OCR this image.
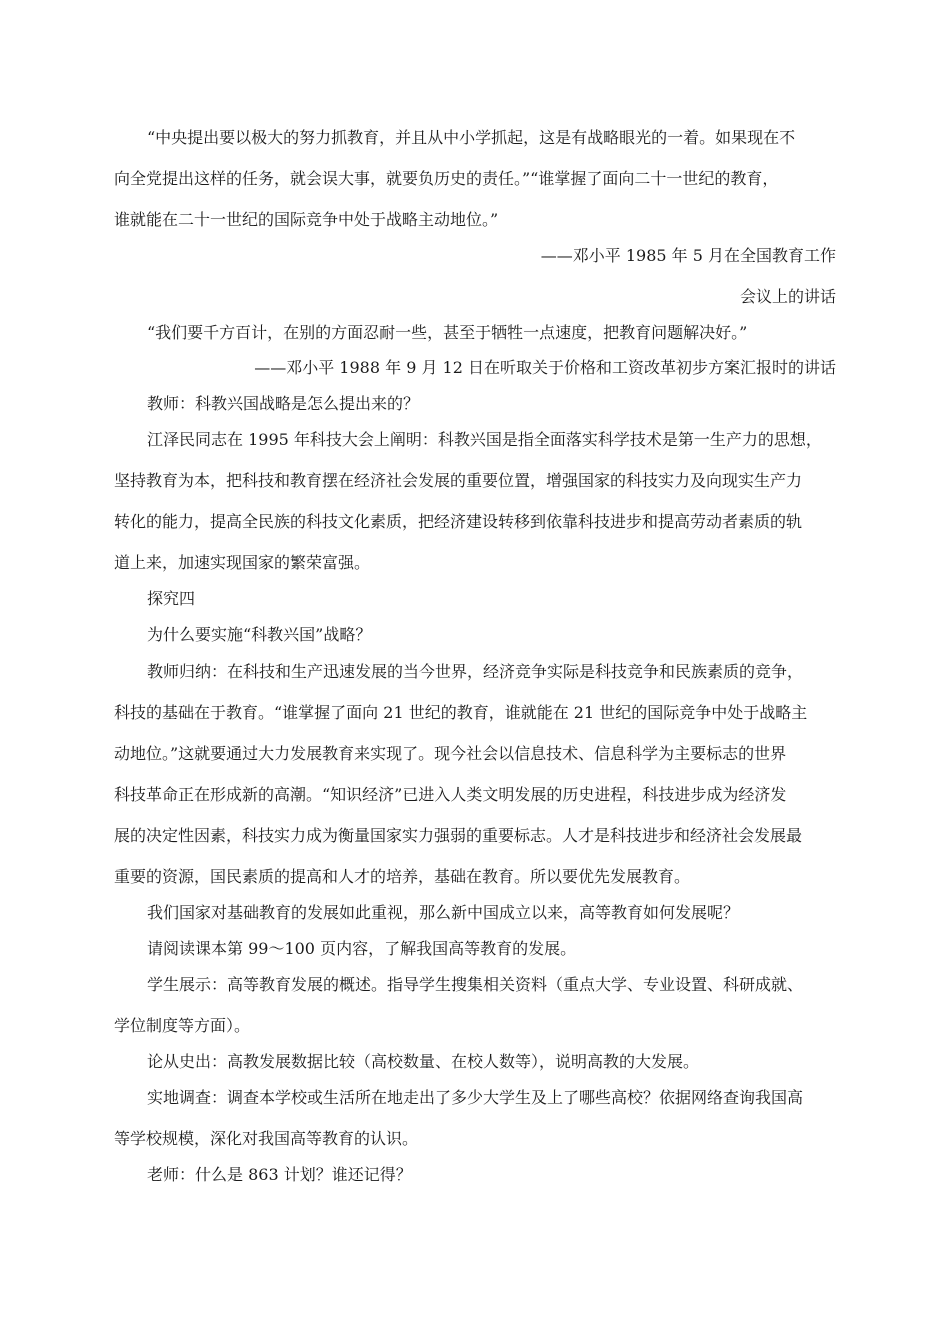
“中央提出要以极大的努力抓教育，并且从中小学抓起，这是有战略眼光的一着。如果现在不
向全党提出这样的任务，就会误大事，就要负历史的责任。”“谁掌握了面向二十一世纪的教育，
谁就能在二十一世纪的国际竞争中处于战略主动地位。”
——邓小平 1985 年 5 月在全国教育工作
会议上的讲话
“我们要千方百计，在别的方面忍耐一些，甚至于牺牲一点速度，把教育问题解决好。”
——邓小平 1988 年 9 月 12 日在听取关于价格和工资改革初步方案汇报时的讲话
教师：科教兴国战略是怎么提出来的？
江泽民同志在 1995 年科技大会上阐明：科教兴国是指全面落实科学技术是第一生产力的思想，
坚持教育为本，把科技和教育摆在经济社会发展的重要位置，增强国家的科技实力及向现实生产力
转化的能力，提高全民族的科技文化素质，把经济建设转移到依靠科技进步和提高劳动者素质的轨
道上来，加速实现国家的繁荣富强。
探究四
为什么要实施“科教兴国”战略？
教师归纳：在科技和生产迅速发展的当今世界，经济竞争实际是科技竞争和民族素质的竞争，
科技的基础在于教育。“谁掌握了面向 21 世纪的教育，谁就能在 21 世纪的国际竞争中处于战略主
动地位。”这就要通过大力发展教育来实现了。现今社会以信息技术、信息科学为主要标志的世界
科技革命正在形成新的高潮。“知识经济”已进入人类文明发展的历史进程，科技进步成为经济发
展的决定性因素，科技实力成为衡量国家实力强弱的重要标志。人才是科技进步和经济社会发展最
重要的资源，国民素质的提高和人才的培养，基础在教育。所以要优先发展教育。
我们国家对基础教育的发展如此重视，那么新中国成立以来，高等教育如何发展呢？
请阅读课本第 99～100 页内容，了解我国高等教育的发展。
学生展示：高等教育发展的概述。指导学生搜集相关资料（重点大学、专业设置、科研成就、
学位制度等方面）。
论从史出：高教发展数据比较（高校数量、在校人数等），说明高教的大发展。
实地调查：调查本学校或生活所在地走出了多少大学生及上了哪些高校？依据网络查询我国高
等学校规模，深化对我国高等教育的认识。
老师：什么是 863 计划？谁还记得？
